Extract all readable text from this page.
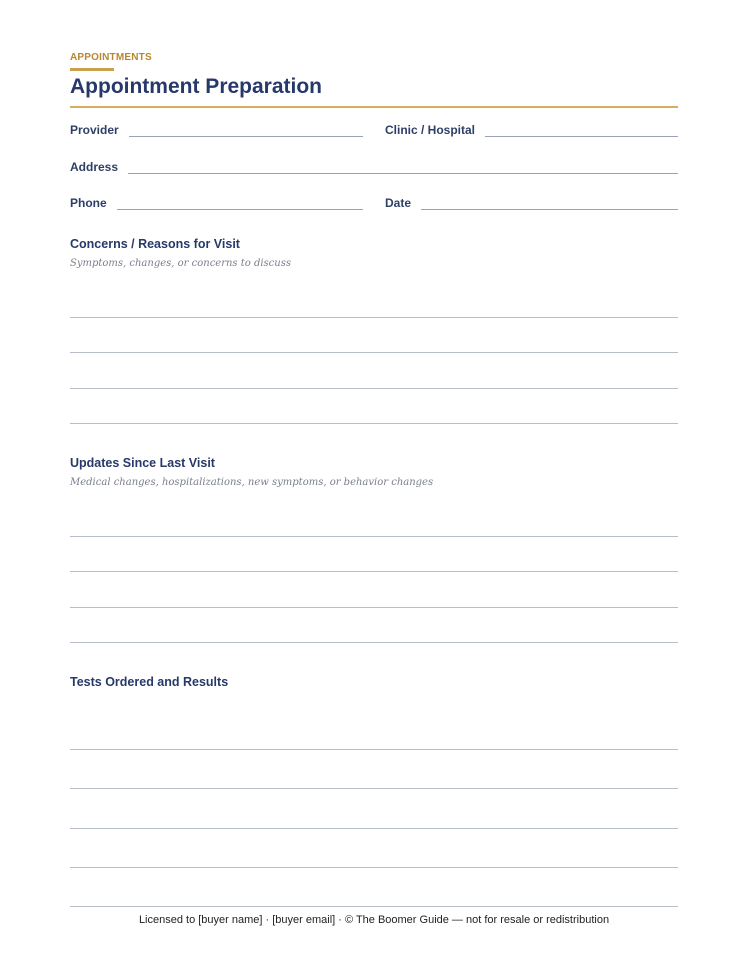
APPOINTMENTS
Appointment Preparation
Provider	Clinic / Hospital
Address
Phone	Date
Concerns / Reasons for Visit
Symptoms, changes, or concerns to discuss
Updates Since Last Visit
Medical changes, hospitalizations, new symptoms, or behavior changes
Tests Ordered and Results
Licensed to [buyer name] · [buyer email] · © The Boomer Guide — not for resale or redistribution
